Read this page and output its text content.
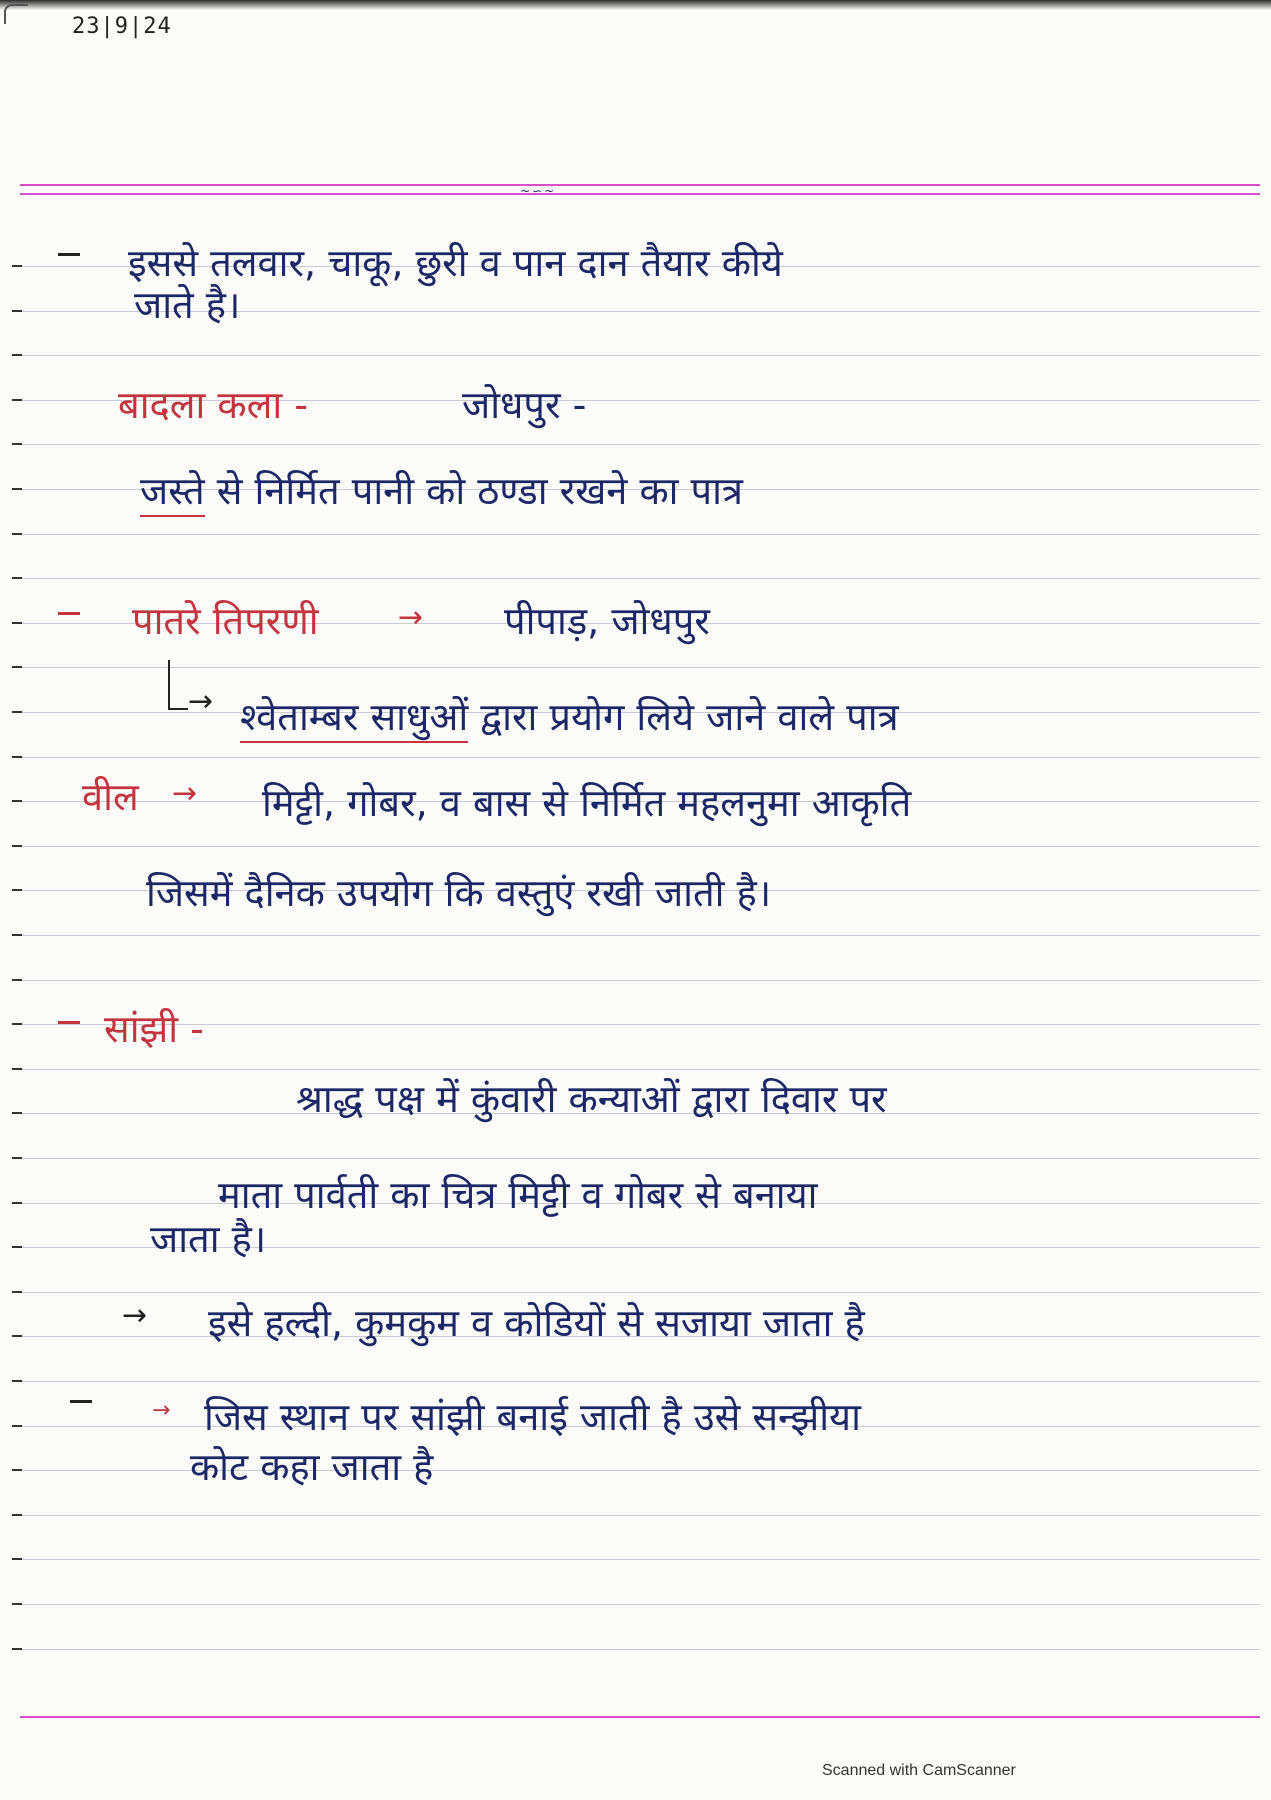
~∽~
23|9|24
इससे तलवार, चाकू, छुरी व पान दान तैयार कीये
जाते है।
बादला कला -	जोधपुर -
जस्ते से निर्मित पानी को ठण्डा रखने का पात्र
पातरे तिपरणी	→ पीपाड़, जोधपुर
→ श्वेताम्बर साधुओं द्वारा प्रयोग लिये जाने वाले पात्र
वील → मिट्टी, गोबर, व बास से निर्मित महलनुमा आकृति
जिसमें दैनिक उपयोग कि वस्तुएं रखी जाती है।
सांझी -
श्राद्ध पक्ष में कुंवारी कन्याओं द्वारा दिवार पर
माता पार्वती का चित्र मिट्टी व गोबर से बनाया
जाता है।
→ इसे हल्दी, कुमकुम व कोडियों से सजाया जाता है
→ जिस स्थान पर सांझी बनाई जाती है उसे सन्झीया
कोट कहा जाता है
Scanned with CamScanner
